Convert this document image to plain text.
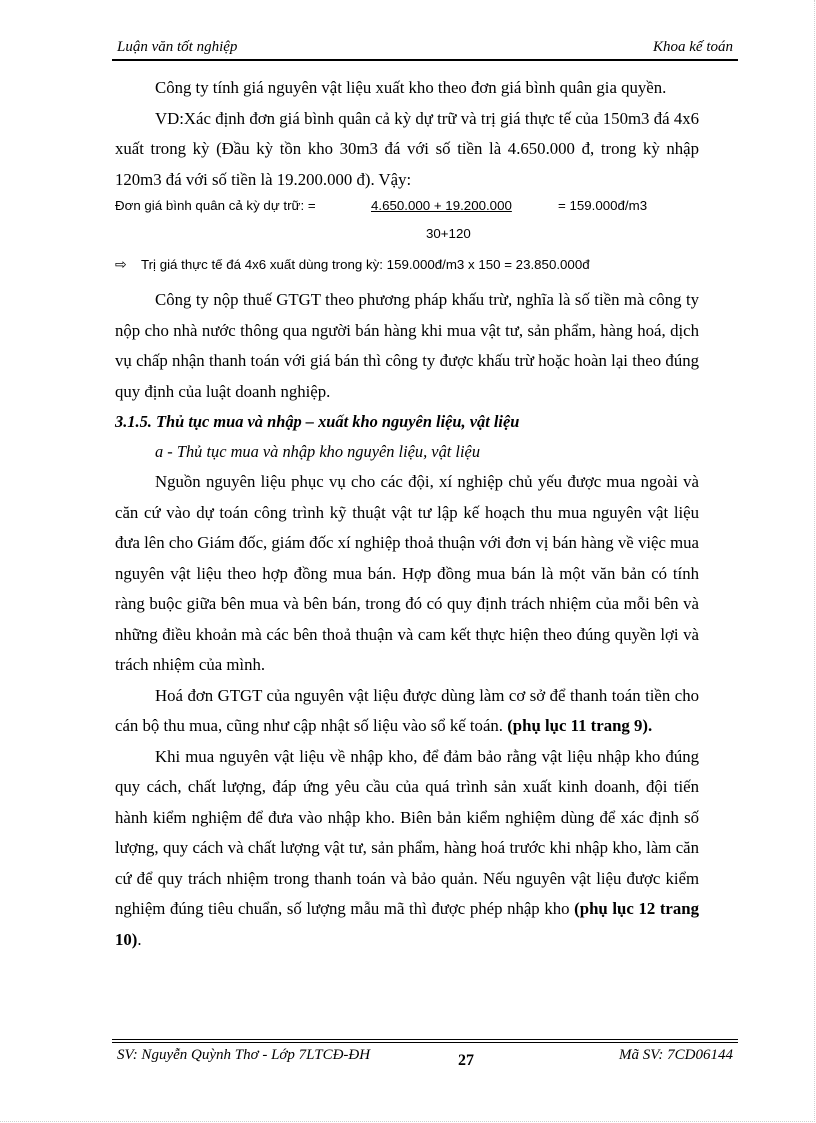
Luận văn tốt nghiệp	Khoa kế toán

Công ty tính giá nguyên vật liệu xuất kho theo đơn giá bình quân gia quyền.

VD:Xác định đơn giá bình quân cả kỳ dự trữ và trị giá thực tế của 150m3 đá 4x6 xuất trong kỳ (Đầu kỳ tồn kho 30m3 đá với số tiền là 4.650.000 đ, trong kỳ nhập 120m3 đá với số tiền là 19.200.000 đ). Vậy:

Đơn giá bình quân cả kỳ dự trữ: =	4.650.000 + 19.200.000	= 159.000đ/m3
30+120
⇨ Trị giá thực tế đá 4x6 xuất dùng trong kỳ: 159.000đ/m3 x 150 = 23.850.000đ

Công ty nộp thuế GTGT theo phương pháp khấu trừ, nghĩa là số tiền mà công ty nộp cho nhà nước thông qua người bán hàng khi mua vật tư, sản phẩm, hàng hoá, dịch vụ chấp nhận thanh toán với giá bán thì công ty được khấu trừ hoặc hoàn lại theo đúng quy định của luật doanh nghiệp.

3.1.5. Thủ tục mua và nhập – xuất kho nguyên liệu, vật liệu

a - Thủ tục mua và nhập kho nguyên liệu, vật liệu

Nguồn nguyên liệu phục vụ cho các đội, xí nghiệp chủ yếu được mua ngoài và căn cứ vào dự toán công trình kỹ thuật vật tư lập kế hoạch thu mua nguyên vật liệu đưa lên cho Giám đốc, giám đốc xí nghiệp thoả thuận với đơn vị bán hàng về việc mua nguyên vật liệu theo hợp đồng mua bán. Hợp đồng mua bán là một văn bản có tính ràng buộc giữa bên mua và bên bán, trong đó có quy định trách nhiệm của mỗi bên và những điều khoản mà các bên thoả thuận và cam kết thực hiện theo đúng quyền lợi và trách nhiệm của mình.

Hoá đơn GTGT của nguyên vật liệu được dùng làm cơ sở để thanh toán tiền cho cán bộ thu mua, cũng như cập nhật số liệu vào sổ kế toán. (phụ lục 11 trang 9).

Khi mua nguyên vật liệu về nhập kho, để đảm bảo rằng vật liệu nhập kho đúng quy cách, chất lượng, đáp ứng yêu cầu của quá trình sản xuất kinh doanh, đội tiến hành kiểm nghiệm để đưa vào nhập kho. Biên bản kiểm nghiệm dùng để xác định số lượng, quy cách và chất lượng vật tư, sản phẩm, hàng hoá trước khi nhập kho, làm căn cứ để quy trách nhiệm trong thanh toán và bảo quản. Nếu nguyên vật liệu được kiểm nghiệm đúng tiêu chuẩn, số lượng mẫu mã thì được phép nhập kho (phụ lục 12 trang 10).

SV: Nguyễn Quỳnh Thơ - Lớp 7LTCĐ-ĐH	27	Mã SV: 7CD06144
